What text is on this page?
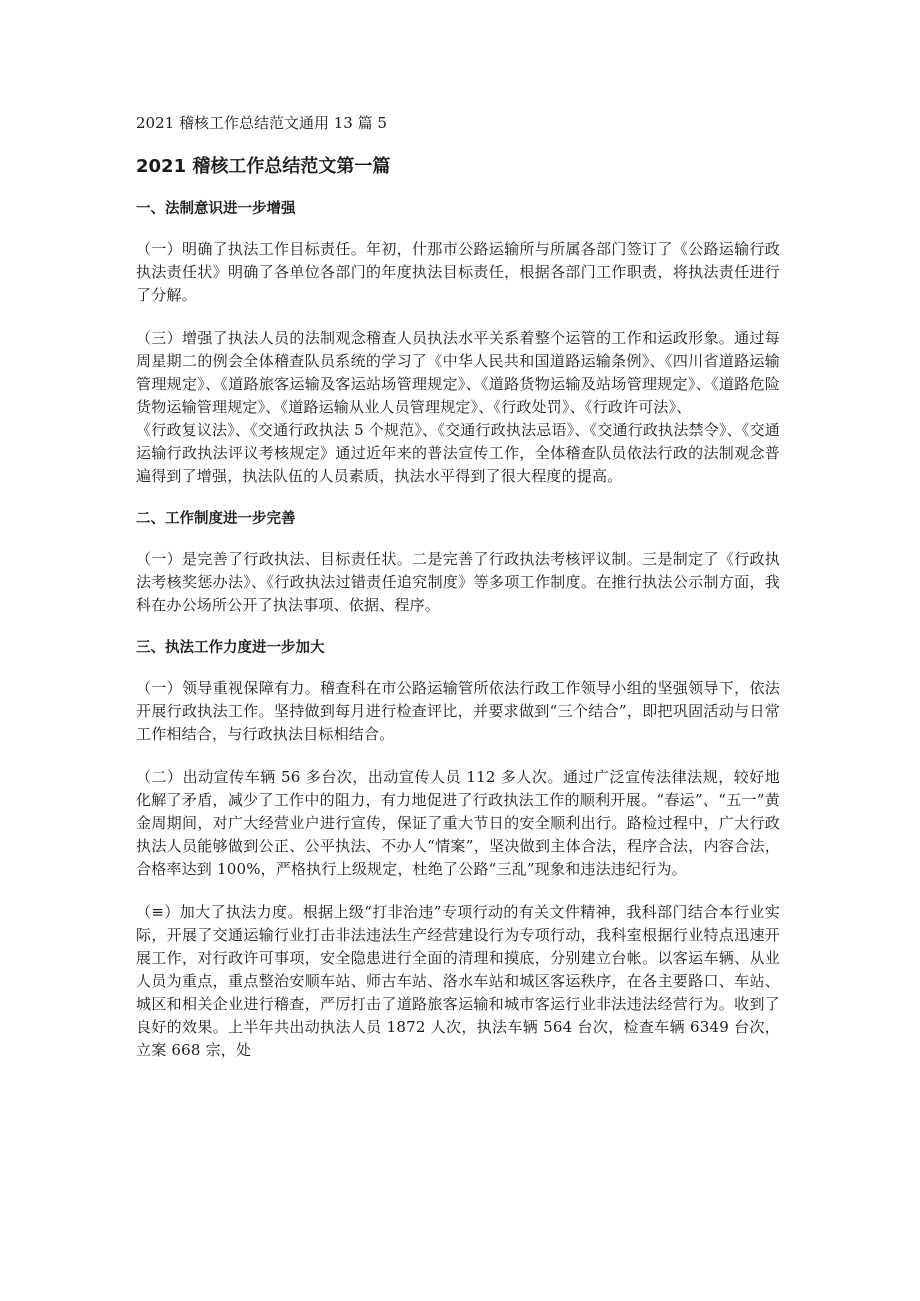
2021 稽核工作总结范文通用 13 篇 5
2021 稽核工作总结范文第一篇
一、法制意识进一步增强

（一）明确了执法工作目标责任。年初，什那市公路运输所与所属各部门签订了《公路运输行政执法责任状》明确了各单位各部门的年度执法目标责任，根据各部门工作职责，将执法责任进行了分解。

（三）增强了执法人员的法制观念稽查人员执法水平关系着整个运管的工作和运政形象。通过每周星期二的例会全体稽查队员系统的学习了《中华人民共和国道路运输条例》、《四川省道路运输管理规定》、《道路旅客运输及客运站场管理规定》、《道路货物运输及站场管理规定》、《道路危险货物运输管理规定》、《道路运输从业人员管理规定》、《行政处罚》、《行政许可法》、
《行政复议法》、《交通行政执法 5 个规范》、《交通行政执法忌语》、《交通行政执法禁令》、《交通运输行政执法评议考核规定》通过近年来的普法宣传工作，全体稽查队员依法行政的法制观念普遍得到了增强，执法队伍的人员素质，执法水平得到了很大程度的提高。

二、工作制度进一步完善

（一）是完善了行政执法、目标责任状。二是完善了行政执法考核评议制。三是制定了《行政执法考核奖惩办法》、《行政执法过错责任追究制度》等多项工作制度。在推行执法公示制方面，我科在办公场所公开了执法事项、依据、程序。

三、执法工作力度进一步加大

（一）领导重视保障有力。稽查科在市公路运输管所依法行政工作领导小组的坚强领导下，依法开展行政执法工作。坚持做到每月进行检查评比，并要求做到“三个结合”，即把巩固活动与日常工作相结合，与行政执法目标相结合。

（二）出动宣传车辆 56 多台次，出动宣传人员 112 多人次。通过广泛宣传法律法规，较好地化解了矛盾，减少了工作中的阻力，有力地促进了行政执法工作的顺利开展。“春运”、“五一”黄金周期间，对广大经营业户进行宣传，保证了重大节日的安全顺利出行。路检过程中，广大行政执法人员能够做到公正、公平执法、不办人“情案”，坚决做到主体合法，程序合法，内容合法，合格率达到 100%，严格执行上级规定，杜绝了公路“三乱”现象和违法违纪行为。

（≡）加大了执法力度。根据上级“打非治违”专项行动的有关文件精神，我科部门结合本行业实际，开展了交通运输行业打击非法违法生产经营建设行为专项行动，我科室根据行业特点迅速开展工作，对行政许可事项，安全隐患进行全面的清理和摸底，分别建立台帐。以客运车辆、从业人员为重点，重点整治安顺车站、师古车站、洛水车站和城区客运秩序，在各主要路口、车站、城区和相关企业进行稽查，严厉打击了道路旅客运输和城市客运行业非法违法经营行为。收到了良好的效果。上半年共出动执法人员 1872 人次，执法车辆 564 台次，检查车辆 6349 台次，立案 668 宗，处
